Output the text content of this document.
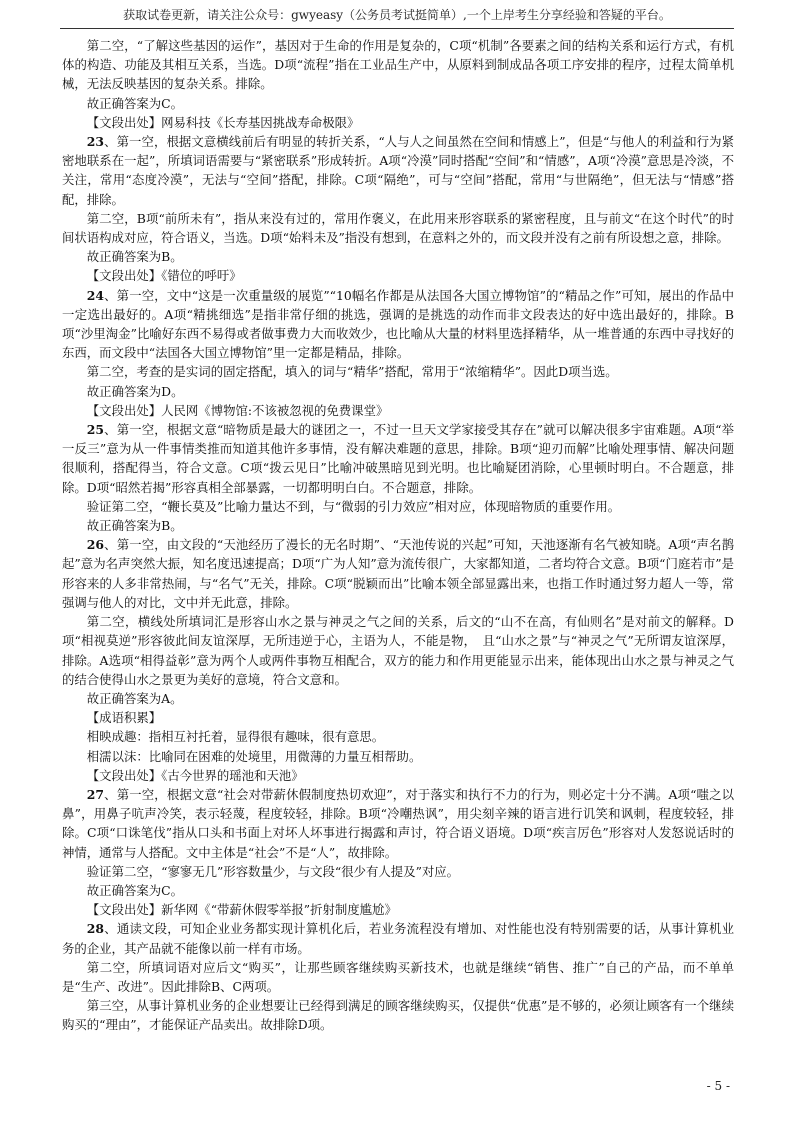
获取试卷更新，请关注公众号：gwyeasy（公务员考试挺简单）,一个上岸考生分享经验和答疑的平台。

第二空，“了解这些基因的运作”，基因对于生命的作用是复杂的，C项“机制”各要素之间的结构关系和运行方式，有机体的构造、功能及其相互关系，当选。D项“流程”指在工业品生产中，从原料到制成品各项工序安排的程序，过程太简单机械，无法反映基因的复杂关系。排除。

故正确答案为C。

【文段出处】网易科技《长寿基因挑战寿命极限》

23、第一空，根据文意横线前后有明显的转折关系，“人与人之间虽然在空间和情感上”，但是“与他人的利益和行为紧密地联系在一起”，所填词语需要与“紧密联系”形成转折。A项“冷漠”同时搭配“空间”和“情感”，A项“冷漠”意思是冷淡，不关注，常用“态度冷漠”，无法与“空间”搭配，排除。C项“隔绝”，可与“空间”搭配，常用“与世隔绝”，但无法与“情感”搭配，排除。

第二空，B项“前所未有”，指从来没有过的，常用作褒义，在此用来形容联系的紧密程度，且与前文“在这个时代”的时间状语构成对应，符合语义，当选。D项“始料未及”指没有想到，在意料之外的，而文段并没有之前有所设想之意，排除。

故正确答案为B。

【文段出处】《错位的呼吁》

24、第一空，文中“这是一次重量级的展览”“10幅名作都是从法国各大国立博物馆”的“精品之作”可知，展出的作品中一定选出最好的。A项“精挑细选”是指非常仔细的挑选，强调的是挑选的动作而非文段表达的好中选出最好的，排除。B项“沙里淘金”比喻好东西不易得或者做事费力大而收效少，也比喻从大量的材料里选择精华，从一堆普通的东西中寻找好的东西，而文段中“法国各大国立博物馆”里一定都是精品，排除。

第二空，考查的是实词的固定搭配，填入的词与“精华”搭配，常用于“浓缩精华”。因此D项当选。

故正确答案为D。

【文段出处】人民网《博物馆:不该被忽视的免费课堂》

25、第一空，根据文意“暗物质是最大的谜团之一，不过一旦天文学家接受其存在”就可以解决很多宇宙难题。A项“举一反三”意为从一件事情类推而知道其他许多事情，没有解决难题的意思，排除。B项“迎刃而解”比喻处理事情、解决问题很顺利，搭配得当，符合文意。C项“拨云见日”比喻冲破黑暗见到光明。也比喻疑团消除，心里顿时明白。不合题意，排除。D项“昭然若揭”形容真相全部暴露，一切都明明白白。不合题意，排除。

验证第二空，“鞭长莫及”比喻力量达不到，与“微弱的引力效应”相对应，体现暗物质的重要作用。

故正确答案为B。

26、第一空，由文段的“天池经历了漫长的无名时期”、“天池传说的兴起”可知，天池逐渐有名气被知晓。A项“声名鹊起”意为名声突然大振，知名度迅速提高；D项“广为人知”意为流传很广，大家都知道，二者均符合文意。B项“门庭若市”是形容来的人多非常热闹，与“名气”无关，排除。C项“脱颖而出”比喻本领全部显露出来，也指工作时通过努力超人一等，常强调与他人的对比，文中并无此意，排除。

第二空，横线处所填词汇是形容山水之景与神灵之气之间的关系，后文的“山不在高，有仙则名”是对前文的解释。D项“相视莫逆”形容彼此间友谊深厚，无所违逆于心，主语为人，不能是物，　且“山水之景”与“神灵之气”无所谓友谊深厚，排除。A选项“相得益彰”意为两个人或两件事物互相配合，双方的能力和作用更能显示出来，能体现出山水之景与神灵之气的结合使得山水之景更为美好的意境，符合文意和。

故正确答案为A。

【成语积累】

相映成趣：指相互衬托着，显得很有趣味，很有意思。

相濡以沫：比喻同在困难的处境里，用微薄的力量互相帮助。

【文段出处】《古今世界的瑶池和天池》

27、第一空，根据文意“社会对带薪休假制度热切欢迎”，对于落实和执行不力的行为，则必定十分不满。A项“嗤之以鼻”，用鼻子吭声冷笑，表示轻蔑，程度较轻，排除。B项“冷嘲热讽”，用尖刻辛辣的语言进行讥笑和讽刺，程度较轻，排除。C项“口诛笔伐”指从口头和书面上对坏人坏事进行揭露和声讨，符合语义语境。D项“疾言厉色”形容对人发怒说话时的神情，通常与人搭配。文中主体是“社会”不是“人”，故排除。

验证第二空，“寥寥无几”形容数量少，与文段“很少有人提及”对应。

故正确答案为C。

【文段出处】新华网《“带薪休假零举报”折射制度尴尬》

28、通读文段，可知企业业务都实现计算机化后，若业务流程没有增加、对性能也没有特别需要的话，从事计算机业务的企业，其产品就不能像以前一样有市场。

第二空，所填词语对应后文“购买”，让那些顾客继续购买新技术，也就是继续“销售、推广”自己的产品，而不单单是“生产、改进”。因此排除B、C两项。

第三空，从事计算机业务的企业想要让已经得到满足的顾客继续购买，仅提供“优惠”是不够的，必须让顾客有一个继续购买的“理由”，才能保证产品卖出。故排除D项。

- 5 -
